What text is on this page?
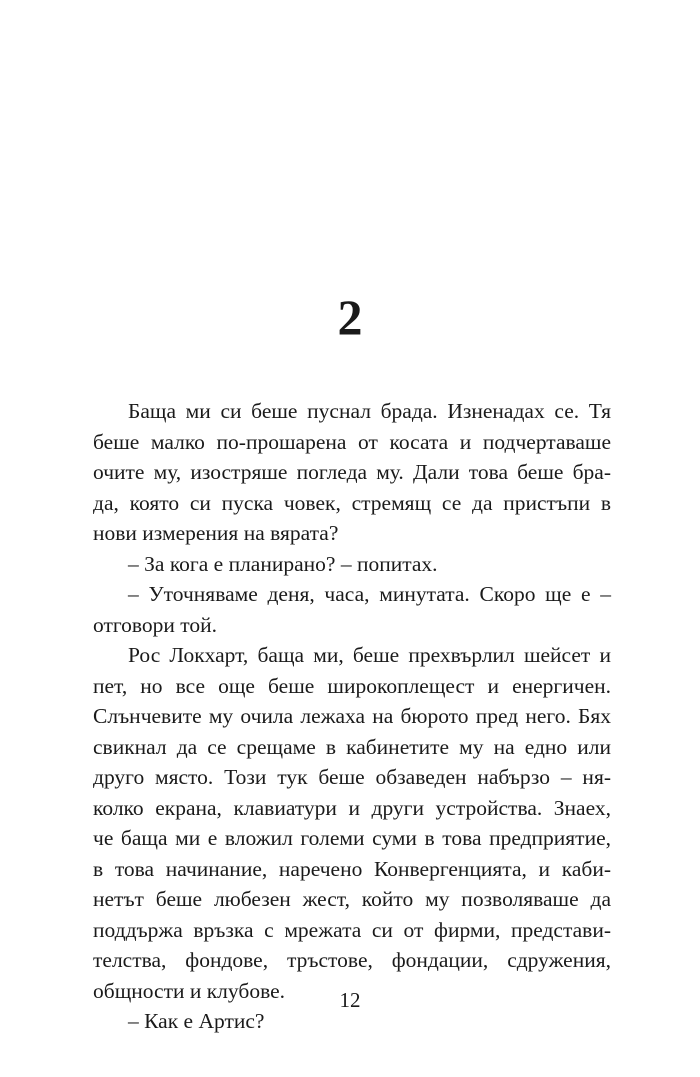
2
Баща ми си беше пуснал брада. Изненадах се. Тя
беше малко по-прошарена от косата и подчертаваше
очите му, изостряше погледа му. Дали това беше бра-
да, която си пуска човек, стремящ се да пристъпи в
нови измерения на вярата?
– За кога е планирано? – попитах.
– Уточняваме деня, часа, минутата. Скоро ще е –
отговори той.
Рос Локхарт, баща ми, беше прехвърлил шейсет и
пет, но все още беше широкоплещест и енергичен.
Слънчевите му очила лежаха на бюрото пред него. Бях
свикнал да се срещаме в кабинетите му на едно или
друго място. Този тук беше обзаведен набързо – ня-
колко екрана, клавиатури и други устройства. Знаех,
че баща ми е вложил големи суми в това предприятие,
в това начинание, наречено Конвергенцията, и каби-
нетът беше любезен жест, който му позволяваше да
поддържа връзка с мрежата си от фирми, представи-
телства, фондове, тръстове, фондации, сдружения,
общности и клубове.
– Как е Артис?
12
